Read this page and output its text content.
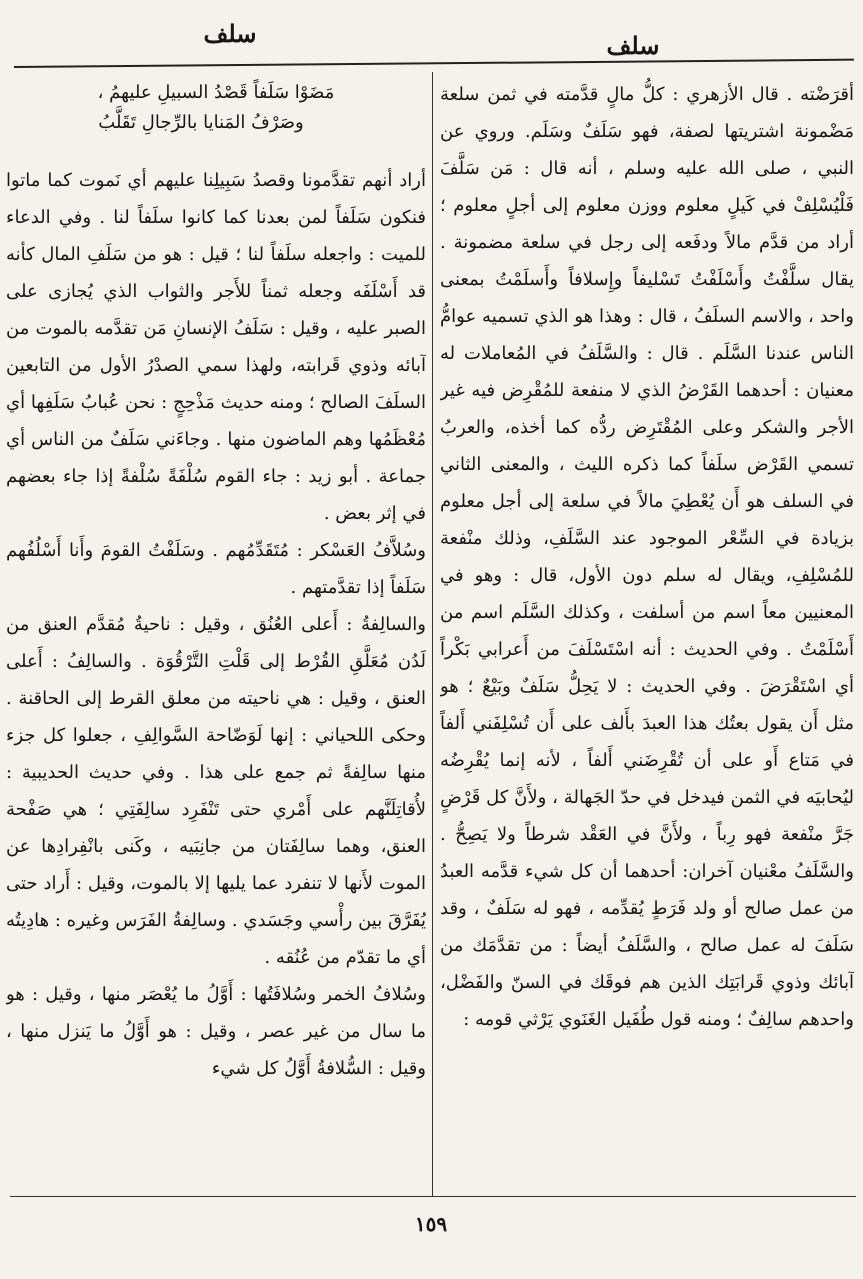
سلف
سلف

أقرَضْته . قال الأزهري : كلُّ مالٍ قدَّمته في ثمن سلعة مَضْمونة اشتريتها لصفة، فهو سَلَفٌ وسَلَم. وروي عن النبي ، صلى الله عليه وسلم ، أنه قال : مَن سَلَّفَ فَلْيُسْلِفْ في كَيلٍ معلوم ووزن معلوم إلى أجلٍ معلوم ؛ أراد من قدَّم مالاً ودفَعه إلى رجل في سلعة مضمونة . يقال سلَّفْتُ وأَسْلَفْتُ تَسْليفاً وإِسلافاً وأَسلَمْتُ بمعنى واحد ، والاسم السلَفُ ، قال : وهذا هو الذي تسميه عوامُّ الناس عندنا السَّلَم . قال : والسَّلَفُ في المُعاملات له معنيان : أحدهما القَرْضُ الذي لا منفعة للمُقْرِض فيه غير الأجر والشكر وعلى المُقْتَرِض ردُّه كما أخذه، والعربُ تسمي القَرْض سلَفاً كما ذكره الليث ، والمعنى الثاني في السلف هو أَن يُعْطِيَ مالاً في سلعة إلى أجل معلوم بزيادة في السِّعْر الموجود عند السَّلَفِ، وذلك منْفعة للمُسْلِفِ، ويقال له سلم دون الأول، قال : وهو في المعنيين معاً اسم من أسلفت ، وكذلك السَّلَم اسم من أَسْلَمْتُ . وفي الحديث : أنه اسْتَسْلَفَ من أَعرابي بَكْراً أي اسْتَقْرَضَ . وفي الحديث : لا يَحِلُّ سَلَفٌ وبَيْعٌ ؛ هو مثل أَن يقول بعتُك هذا العبدَ بأَلف على أَن تُسْلِفَني أَلفاً في مَتاع أَو على أن تُقْرِضَني أَلفاً ، لأنه إنما يُقْرِضُه ليُحابيَه في الثمن فيدخل في حدّ الجَهالة ، ولأَنَّ كل قَرْضٍ جَرَّ منْفعة فهو رِباً ، ولأَنَّ في العَقْد شرطاً ولا يَصِحُّ . والسَّلَفُ معْنيان آخران: أحدهما أن كل شيء قدَّمه العبدُ من عمل صالح أو ولد فَرَطٍ يُقدِّمه ، فهو له سَلَفٌ ، وقد سَلَفَ له عمل صالح ، والسَّلَفُ أيضاً : من تقدَّمَك من آبائك وذوي قَرابَتِك الذين هم فوقَك في السنّ والفَضْل، واحدهم سالِفٌ ؛ ومنه قول طُفَيل الغَنَوي يَرْثي قومه :

مَضَوْا سَلَفاً قَصْدُ السبيلِ عليهمُ ،
وصَرْفُ المَنايا بالرِّجالِ تَقَلَّبُ

أراد أنهم تقدَّمونا وقصدُ سَبِيلِنا عليهم أي نَموت كما ماتوا فنكون سَلَفاً لمن بعدنا كما كانوا سلَفاً لنا . وفي الدعاء للميت : واجعله سلَفاً لنا ؛ قيل : هو من سَلَفِ المال كأنه قد أَسْلَفَه وجعله ثمناً للأَجر والثواب الذي يُجازى على الصبر عليه ، وقيل : سَلَفُ الإنسانِ مَن تقدَّمه بالموت من آبائه وذوي قَرابته، ولهذا سمي الصدْرُ الأول من التابعين السلَفَ الصالح ؛ ومنه حديث مَذْحِجٍ : نحن عُبابُ سَلَفِها أي مُعْظَمُها وهم الماضون منها . وجاءَني سَلَفٌ من الناس أي جماعة . أبو زيد : جاء القوم سُلْفَةً سُلْفةً إذا جاء بعضهم في إثر بعض .

وسُلاَّفُ العَسْكر : مُتَقَدِّمُهم . وسَلَفْتُ القومَ وأَنا أَسْلُفُهم سَلَفاً إذا تقدَّمتهم .

والسالِفةُ : أَعلى العُنُق ، وقيل : ناحيةُ مُقدَّم العنق من لَدُن مُعَلَّقِ القُرْط إلى قَلْتِ التَّرْقُوَة . والسالِفُ : أَعلى العنق ، وقيل : هي ناحيته من معلق القرط إلى الحاقنة . وحكى اللحياني : إنها لَوَضّاحة السَّوالِفِ ، جعلوا كل جزء منها سالِفةً ثم جمع على هذا . وفي حديث الحديبية : لأُقاتِلَنَّهم على أَمْري حتى تَنْفَرِد سالِفَتِي ؛ هي صَفْحة العنق، وهما سالِفَتان من جانِبَيه ، وكَنى بانْفِرادِها عن الموت لأَنها لا تنفرد عما يليها إلا بالموت، وقيل : أَراد حتى يُفَرَّقَ بين رأْسي وجَسَدي . وسالِفةُ الفَرَس وغيره : هادِيتُه أي ما تقدّم من عُنُقه .

وسُلافُ الخمر وسُلافَتُها : أَوَّلُ ما يُعْصَر منها ، وقيل : هو ما سال من غير عصر ، وقيل : هو أَوَّلُ ما يَنزل منها ، وقيل : السُّلافةُ أَوَّلُ كل شيء

١٥٩
